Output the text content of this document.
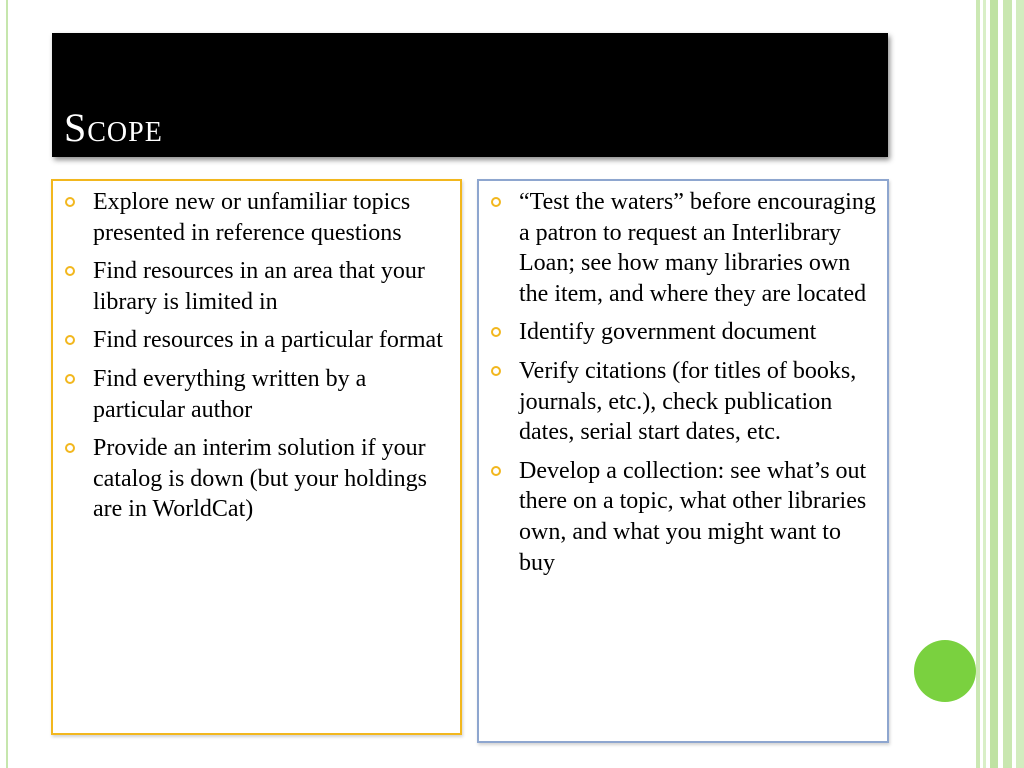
Scope
Explore new or unfamiliar topics presented in reference questions
Find resources in an area that your library is limited in
Find resources in a particular format
Find everything written by a particular author
Provide an interim solution if your catalog is down (but your holdings are in WorldCat)
“Test the waters” before encouraging a patron to request an Interlibrary Loan; see how many libraries own the item, and where they are located
Identify government document
Verify citations (for titles of books, journals, etc.), check publication dates, serial start dates, etc.
Develop a collection: see what’s out there on a topic, what other libraries own, and what you might want to buy
